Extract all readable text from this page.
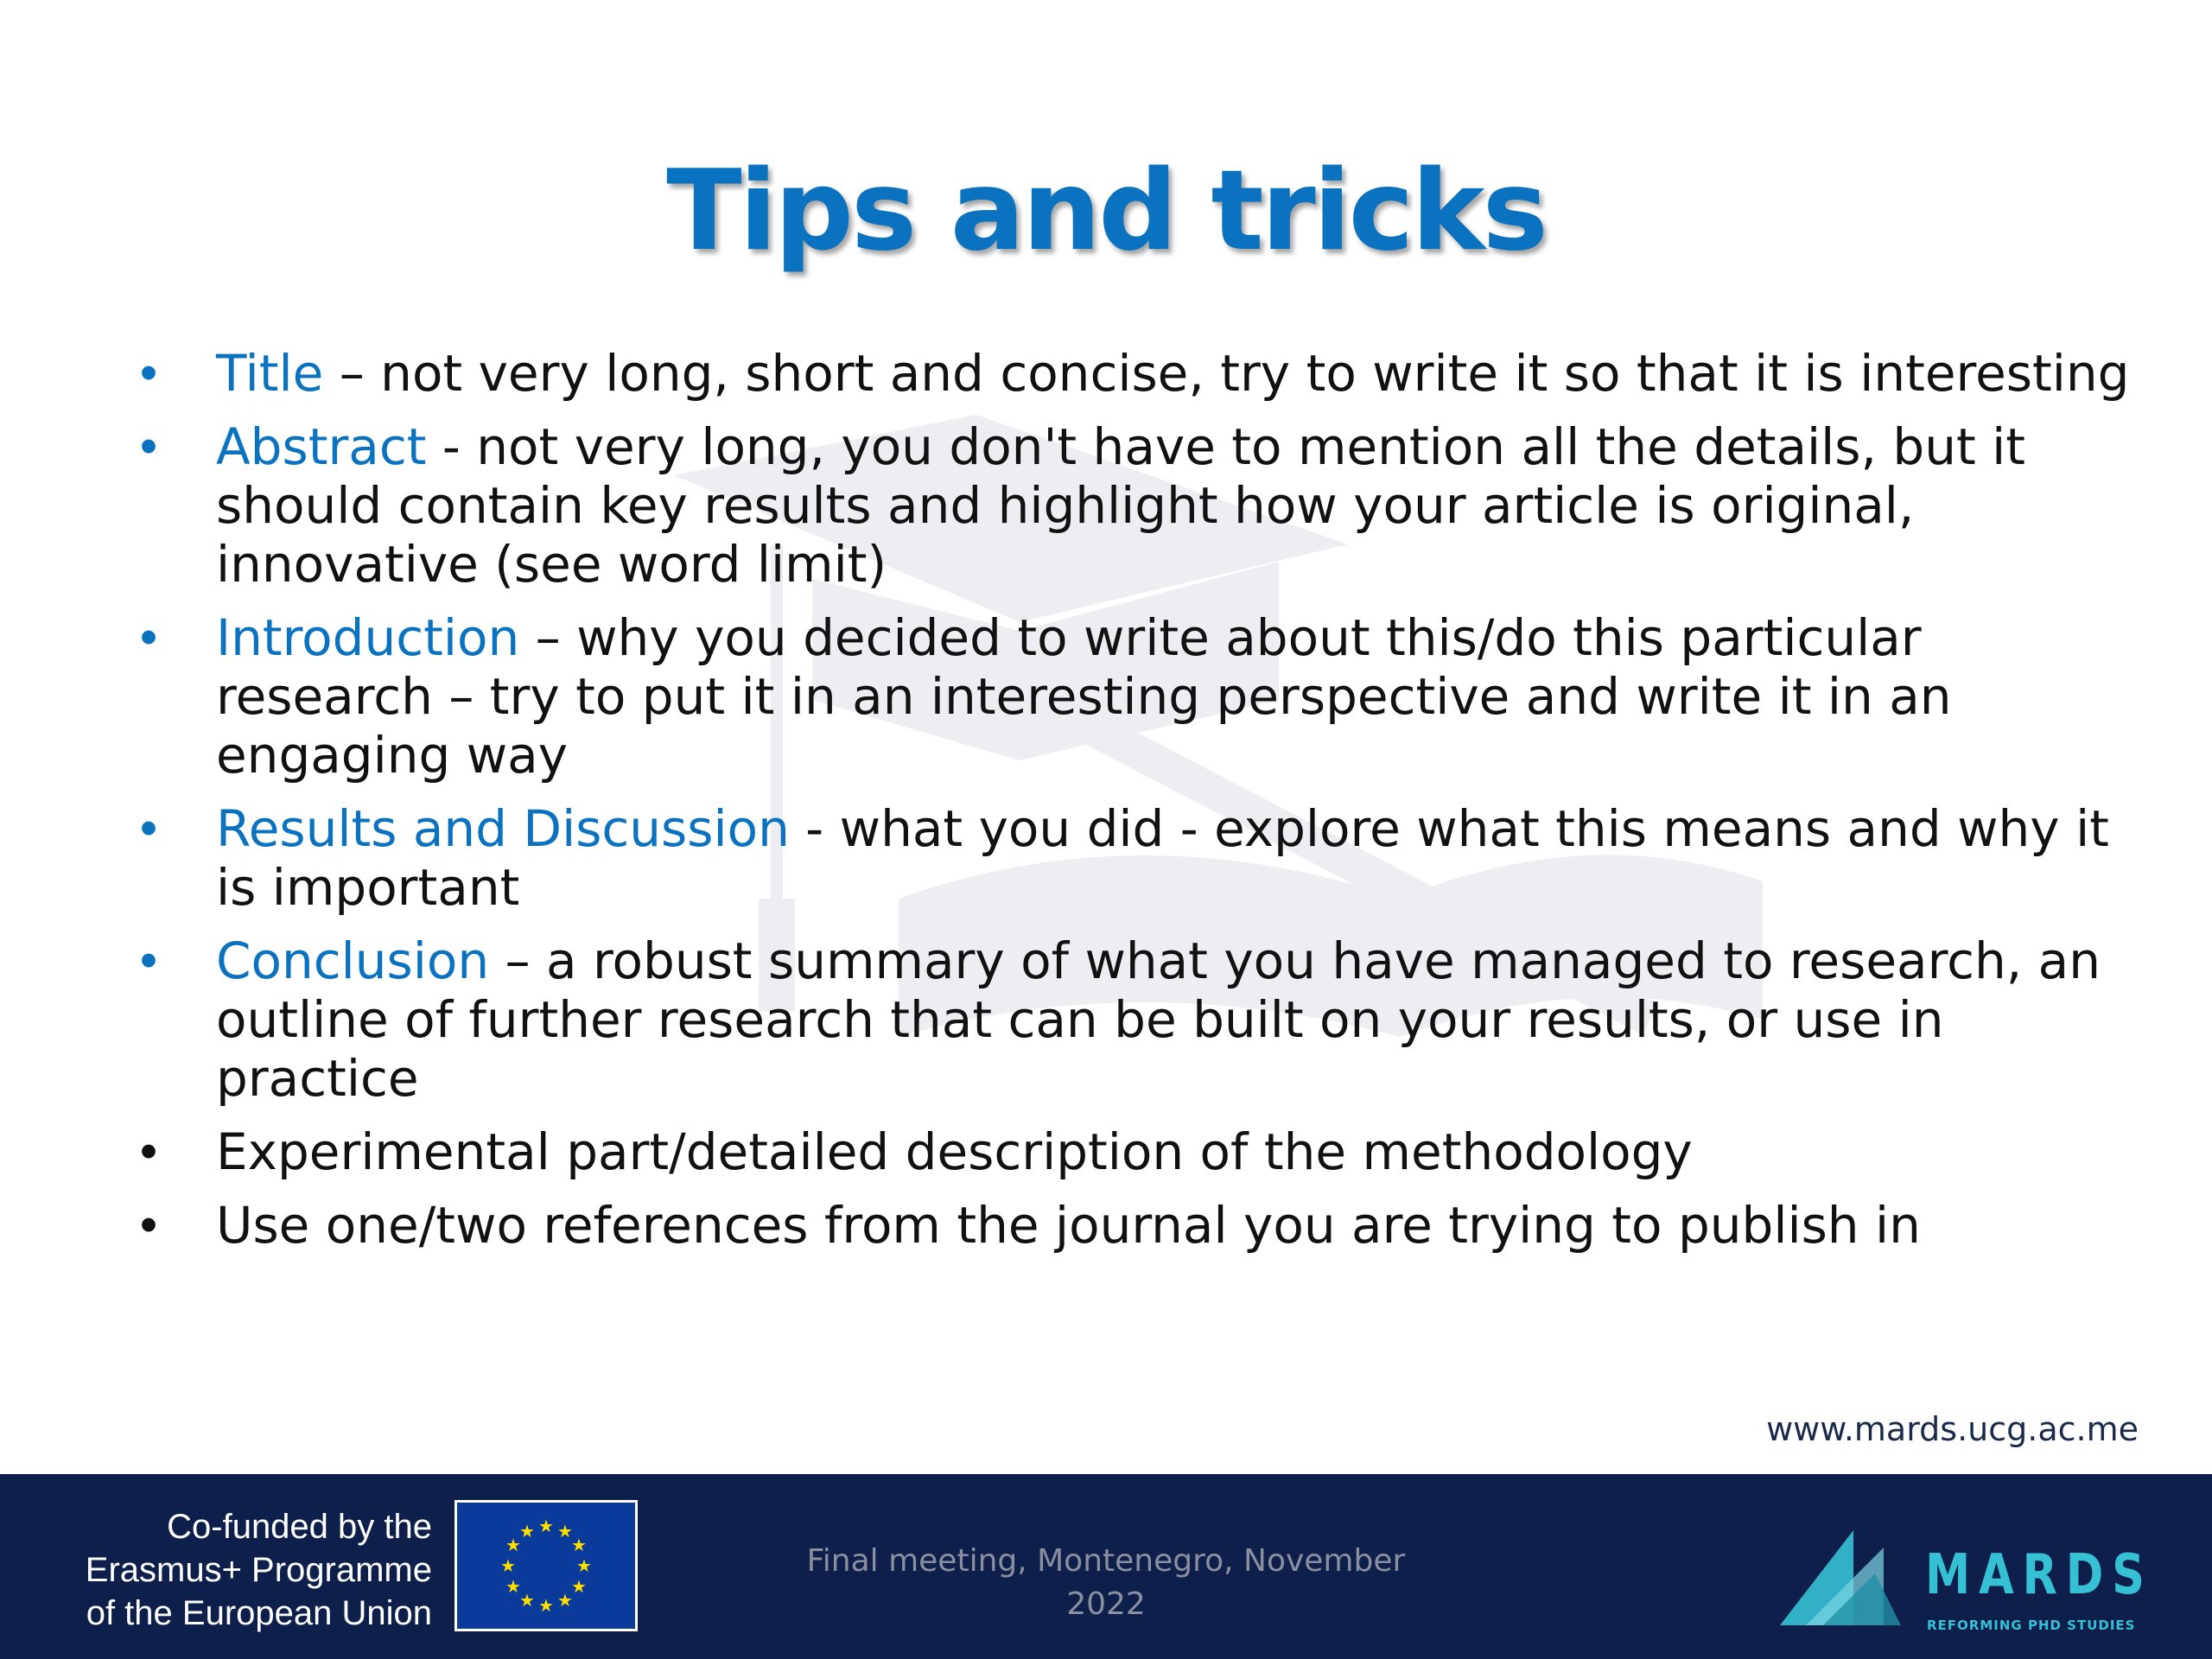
Tips and tricks
• Title – not very long, short and concise, try to write it so that it is interesting
• Abstract - not very long, you don't have to mention all the details, but it should contain key results and highlight how your article is original, innovative (see word limit)
• Introduction – why you decided to write about this/do this particular research – try to put it in an interesting perspective and write it in an engaging way
• Results and Discussion - what you did - explore what this means and why it is important
• Conclusion – a robust summary of what you have managed to research, an outline of further research that can be built on your results, or use in practice
• Experimental part/detailed description of the methodology
• Use one/two references from the journal you are trying to publish in
www.mards.ucg.ac.me
Co-funded by the
Erasmus+ Programme
of the European Union
★ ★
★
★
★
★
★
★
★
★
★
★
Final meeting, Montenegro, November
2022	MARDS
REFORMING PHD STUDIES
